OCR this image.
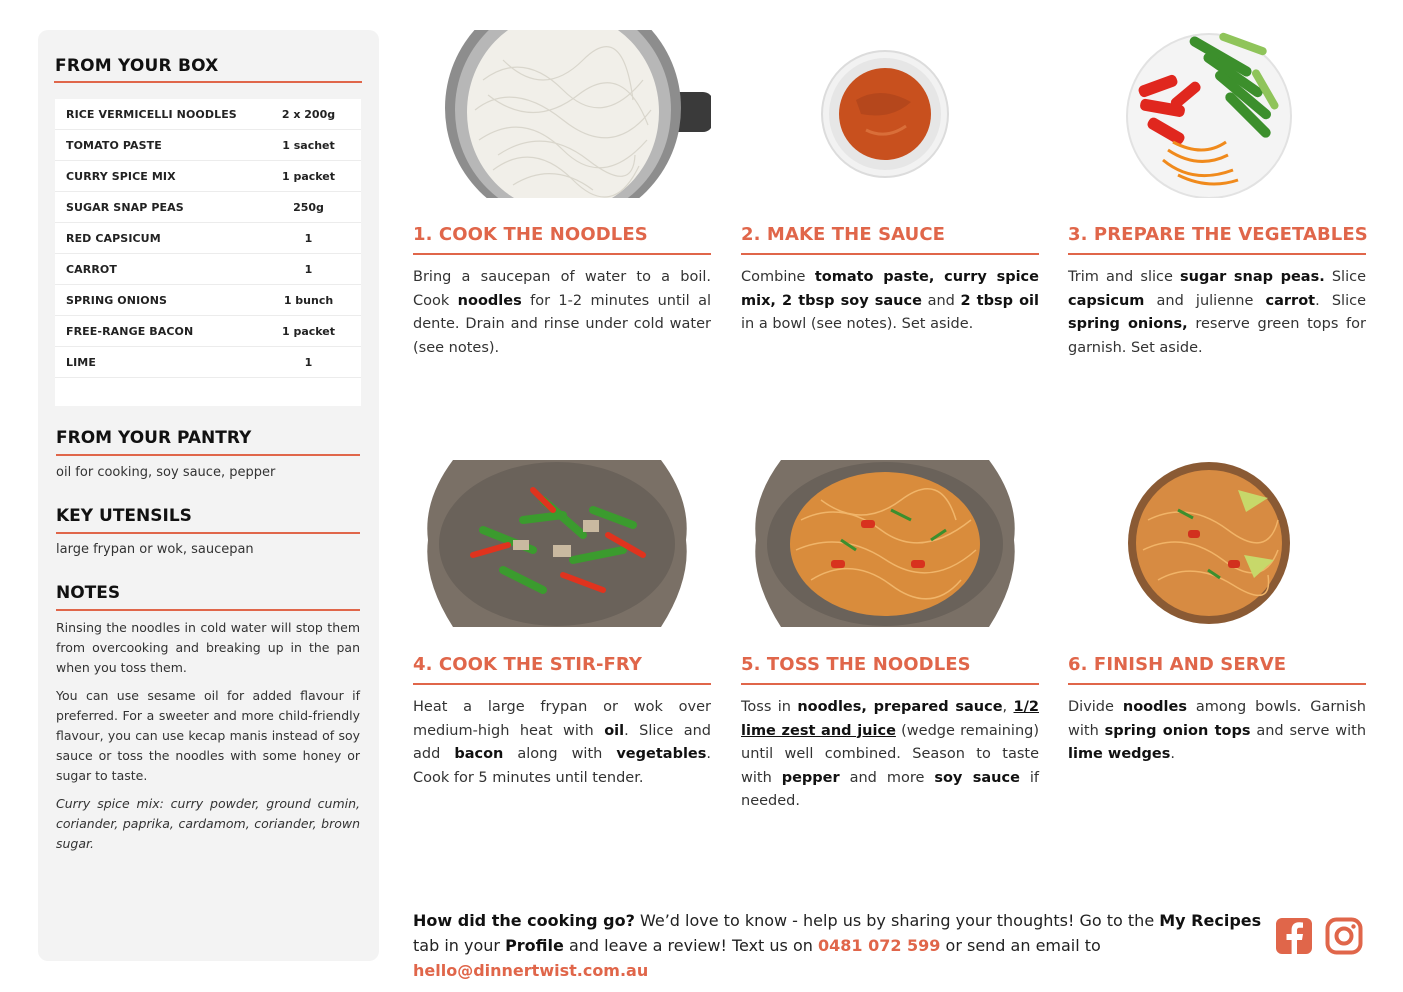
FROM YOUR BOX
RICE VERMICELLI NOODLES	2 x 200g
TOMATO PASTE	1 sachet
CURRY SPICE MIX	1 packet
SUGAR SNAP PEAS	250g
RED CAPSICUM	1
CARROT	1
SPRING ONIONS	1 bunch
FREE-RANGE BACON	1 packet
LIME	1
FROM YOUR PANTRY
oil for cooking, soy sauce, pepper
KEY UTENSILS
large frypan or wok, saucepan
NOTES
Rinsing the noodles in cold water will stop them from overcooking and breaking up in the pan when you toss them.
You can use sesame oil for added flavour if preferred. For a sweeter and more child-friendly flavour, you can use kecap manis instead of soy sauce or toss the noodles with some honey or sugar to taste.
Curry spice mix: curry powder, ground cumin, coriander, paprika, cardamom, coriander, brown sugar.
1. COOK THE NOODLES
Bring a saucepan of water to a boil. Cook noodles for 1-2 minutes until al dente. Drain and rinse under cold water (see notes).
2. MAKE THE SAUCE
Combine tomato paste, curry spice mix, 2 tbsp soy sauce and 2 tbsp oil in a bowl (see notes). Set aside.
3. PREPARE THE VEGETABLES
Trim and slice sugar snap peas. Slice capsicum and julienne carrot. Slice spring onions, reserve green tops for garnish. Set aside.
4. COOK THE STIR-FRY
Heat a large frypan or wok over medium-high heat with oil. Slice and add bacon along with vegetables. Cook for 5 minutes until tender.
5. TOSS THE NOODLES
Toss in noodles, prepared sauce, 1/2 lime zest and juice (wedge remaining) until well combined. Season to taste with pepper and more soy sauce if needed.
6. FINISH AND SERVE
Divide noodles among bowls. Garnish with spring onion tops and serve with lime wedges.
How did the cooking go? We’d love to know - help us by sharing your thoughts! Go to the My Recipes tab in your Profile and leave a review! Text us on 0481 072 599 or send an email to hello@dinnertwist.com.au
